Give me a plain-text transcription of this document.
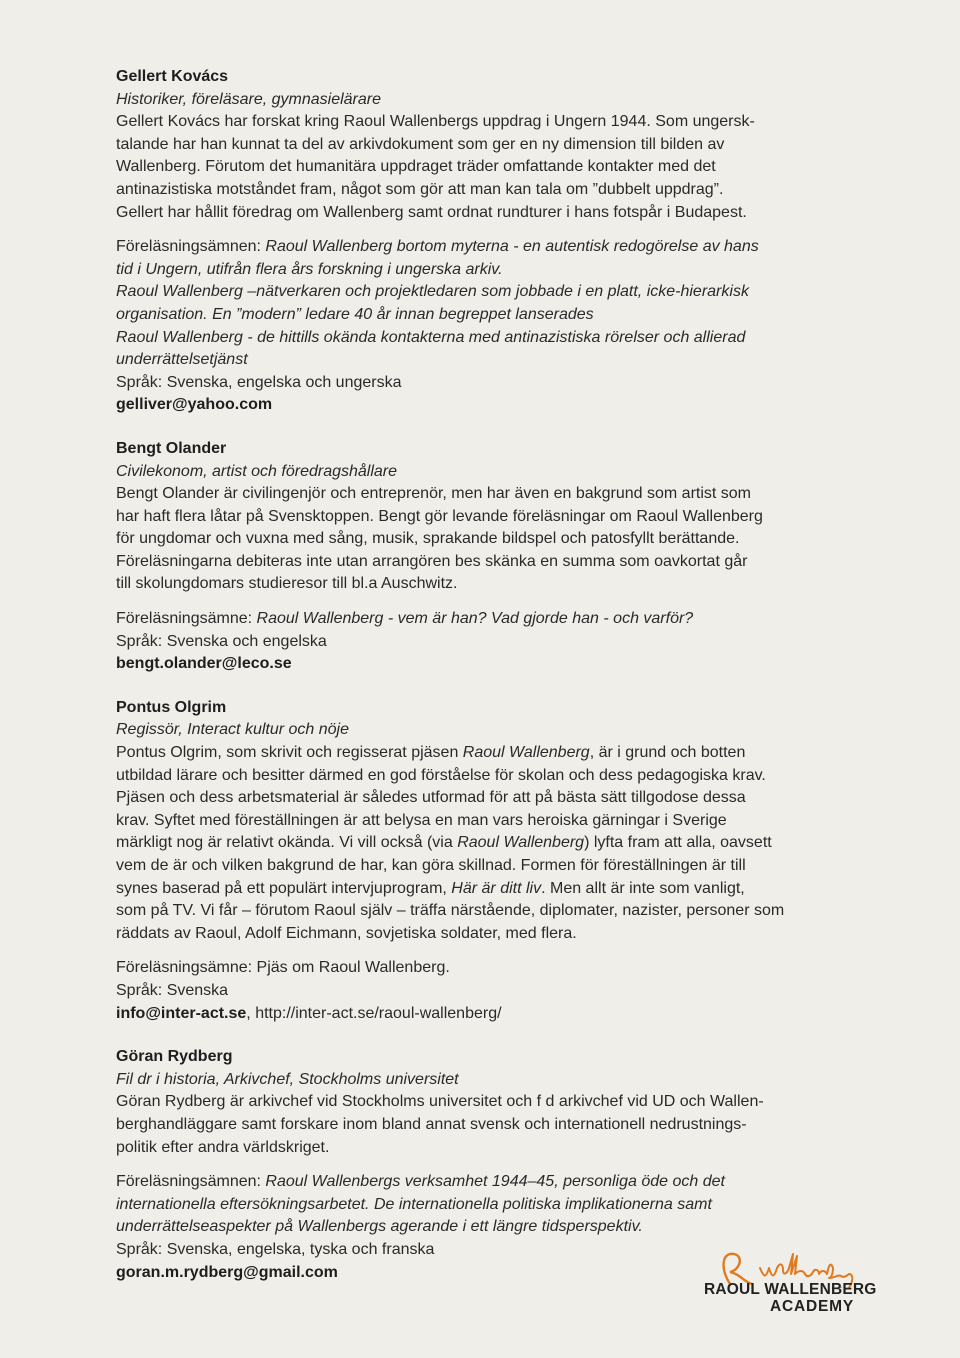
Gellert Kovács
Historiker, föreläsare, gymnasielärare
Gellert Kovács har forskat kring Raoul Wallenbergs uppdrag i Ungern 1944. Som ungersk-
talande har han kunnat ta del av arkivdokument som ger en ny dimension till bilden av
Wallenberg. Förutom det humanitära uppdraget träder omfattande kontakter med det
antinazistiska motståndet fram, något som gör att man kan tala om ”dubbelt uppdrag”.
Gellert har hållit föredrag om Wallenberg samt ordnat rundturer i hans fotspår i Budapest.
Föreläsningsämnen: Raoul Wallenberg bortom myterna - en autentisk redogörelse av hans
tid i Ungern, utifrån flera års forskning i ungerska arkiv.
Raoul Wallenberg –nätverkaren och projektledaren som jobbade i en platt, icke-hierarkisk
organisation. En ”modern” ledare 40 år innan begreppet lanserades
Raoul Wallenberg - de hittills okända kontakterna med antinazistiska rörelser och allierad
underrättelsetjänst
Språk: Svenska, engelska och ungerska
gelliver@yahoo.com
Bengt Olander
Civilekonom, artist och föredragshållare
Bengt Olander är civilingenjör och entreprenör, men har även en bakgrund som artist som
har haft flera låtar på Svensktoppen. Bengt gör levande föreläsningar om Raoul Wallenberg
för ungdomar och vuxna med sång, musik, sprakande bildspel och patosfyllt berättande.
Föreläsningarna debiteras inte utan arrangören bes skänka en summa som oavkortat går
till skolungdomars studieresor till bl.a Auschwitz.
Föreläsningsämne: Raoul Wallenberg - vem är han? Vad gjorde han - och varför?
Språk: Svenska och engelska
bengt.olander@leco.se
Pontus Olgrim
Regissör, Interact kultur och nöje
Pontus Olgrim, som skrivit och regisserat pjäsen Raoul Wallenberg, är i grund och botten
utbildad lärare och besitter därmed en god förståelse för skolan och dess pedagogiska krav.
Pjäsen och dess arbetsmaterial är således utformad för att på bästa sätt tillgodose dessa
krav. Syftet med föreställningen är att belysa en man vars heroiska gärningar i Sverige
märkligt nog är relativt okända. Vi vill också (via Raoul Wallenberg) lyfta fram att alla, oavsett
vem de är och vilken bakgrund de har, kan göra skillnad. Formen för föreställningen är till
synes baserad på ett populärt intervjuprogram, Här är ditt liv. Men allt är inte som vanligt,
som på TV. Vi får – förutom Raoul själv – träffa närstående, diplomater, nazister, personer som
räddats av Raoul, Adolf Eichmann, sovjetiska soldater, med flera.
Föreläsningsämne: Pjäs om Raoul Wallenberg.
Språk: Svenska
info@inter-act.se, http://inter-act.se/raoul-wallenberg/
Göran Rydberg
Fil dr i historia, Arkivchef, Stockholms universitet
Göran Rydberg är arkivchef vid Stockholms universitet och f d arkivchef vid UD och Wallen-
berghandläggare samt forskare inom bland annat svensk och internationell nedrustnings-
politik efter andra världskriget.
Föreläsningsämnen: Raoul Wallenbergs verksamhet 1944–45, personliga öde och det
internationella eftersökningsarbetet. De internationella politiska implikationerna samt
underrättelseaspekter på Wallenbergs agerande i ett längre tidsperspektiv.
Språk: Svenska, engelska, tyska och franska
goran.m.rydberg@gmail.com
RAOUL WALLENBERG
ACADEMY
